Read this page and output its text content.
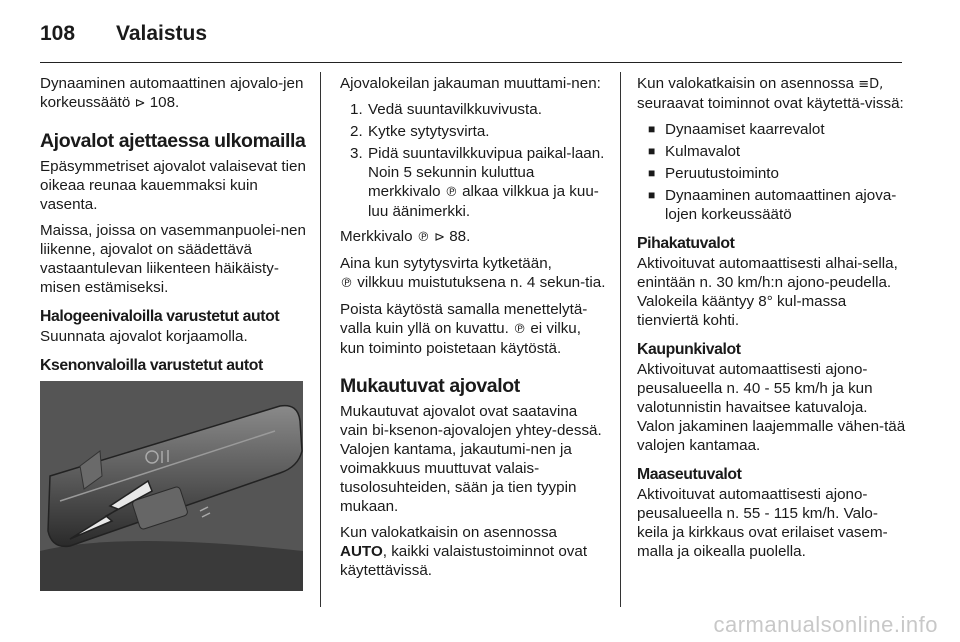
108 Valaistus

Dynaaminen automaattinen ajovalo-jen korkeussäätö ⊳ 108.

Ajovalot ajettaessa ulkomailla

Epäsymmetriset ajovalot valaisevat tien oikeaa reunaa kauemmaksi kuin vasenta.

Maissa, joissa on vasemmanpuolei-nen liikenne, ajovalot on säädettävä vastaantulevan liikenteen häikäisty-misen estämiseksi.

Halogeenivaloilla varustetut autot

Suunnata ajovalot korjaamolla.

Ksenonvaloilla varustetut autot

Ajovalokeilan jakauman muuttami-nen:

1. Vedä suuntavilkkuvivusta.
2. Kytke sytytysvirta.
3. Pidä suuntavilkkuvipua paikal-laan. Noin 5 sekunnin kuluttua merkkivalo ℗ alkaa vilkkua ja kuu-luu äänimerkki.

Merkkivalo ℗ ⊳ 88.

Aina kun sytytysvirta kytketään,
℗ vilkkuu muistutuksena n. 4 sekun-tia.

Poista käytöstä samalla menettelytä-valla kuin yllä on kuvattu. ℗ ei vilku, kun toiminto poistetaan käytöstä.

Mukautuvat ajovalot

Mukautuvat ajovalot ovat saatavina vain bi-ksenon-ajovalojen yhtey-dessä. Valojen kantama, jakautumi-nen ja voimakkuus muuttuvat valais-tusolosuhteiden, sään ja tien tyypin mukaan.

Kun valokatkaisin on asennossa
AUTO, kaikki valaistustoiminnot ovat käytettävissä.

Kun valokatkaisin on asennossa ≡D, seuraavat toiminnot ovat käytettä-vissä:

■ Dynaamiset kaarrevalot
■ Kulmavalot
■ Peruutustoiminto
■ Dynaaminen automaattinen ajova-lojen korkeussäätö
Pihakatuvalot

Aktivoituvat automaattisesti alhai-sella, enintään n. 30 km/h:n ajono-peudella. Valokeila kääntyy 8° kul-massa tienviertä kohti.

Kaupunkivalot

Aktivoituvat automaattisesti ajono-peusalueella n. 40 - 55 km/h ja kun valotunnistin havaitsee katuvaloja. Valon jakaminen laajemmalle vähen-tää valojen kantamaa.

Maaseutuvalot

Aktivoituvat automaattisesti ajono-peusalueella n. 55 - 115 km/h. Valo-keila ja kirkkaus ovat erilaiset vasem-malla ja oikealla puolella.

carmanualsonline.info
